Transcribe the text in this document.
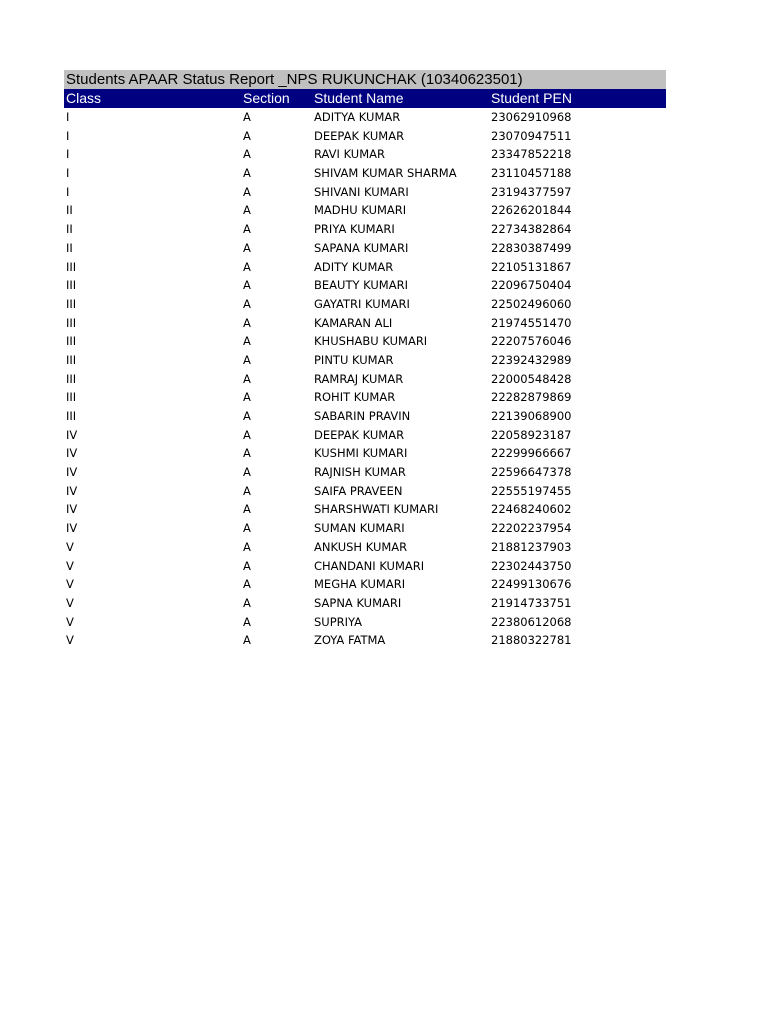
Students APAAR Status Report _NPS RUKUNCHAK (10340623501)
Class	Section	Student Name	Student PEN
I	A	ADITYA KUMAR	23062910968
I	A	DEEPAK KUMAR	23070947511
I	A	RAVI KUMAR	23347852218
I	A	SHIVAM KUMAR SHARMA	23110457188
I	A	SHIVANI KUMARI	23194377597
II	A	MADHU KUMARI	22626201844
II	A	PRIYA KUMARI	22734382864
II	A	SAPANA KUMARI	22830387499
III	A	ADITY KUMAR	22105131867
III	A	BEAUTY KUMARI	22096750404
III	A	GAYATRI KUMARI	22502496060
III	A	KAMARAN ALI	21974551470
III	A	KHUSHABU KUMARI	22207576046
III	A	PINTU KUMAR	22392432989
III	A	RAMRAJ KUMAR	22000548428
III	A	ROHIT KUMAR	22282879869
III	A	SABARIN PRAVIN	22139068900
IV	A	DEEPAK KUMAR	22058923187
IV	A	KUSHMI KUMARI	22299966667
IV	A	RAJNISH KUMAR	22596647378
IV	A	SAIFA PRAVEEN	22555197455
IV	A	SHARSHWATI KUMARI	22468240602
IV	A	SUMAN KUMARI	22202237954
V	A	ANKUSH KUMAR	21881237903
V	A	CHANDANI KUMARI	22302443750
V	A	MEGHA KUMARI	22499130676
V	A	SAPNA KUMARI	21914733751
V	A	SUPRIYA	22380612068
V	A	ZOYA FATMA	21880322781
